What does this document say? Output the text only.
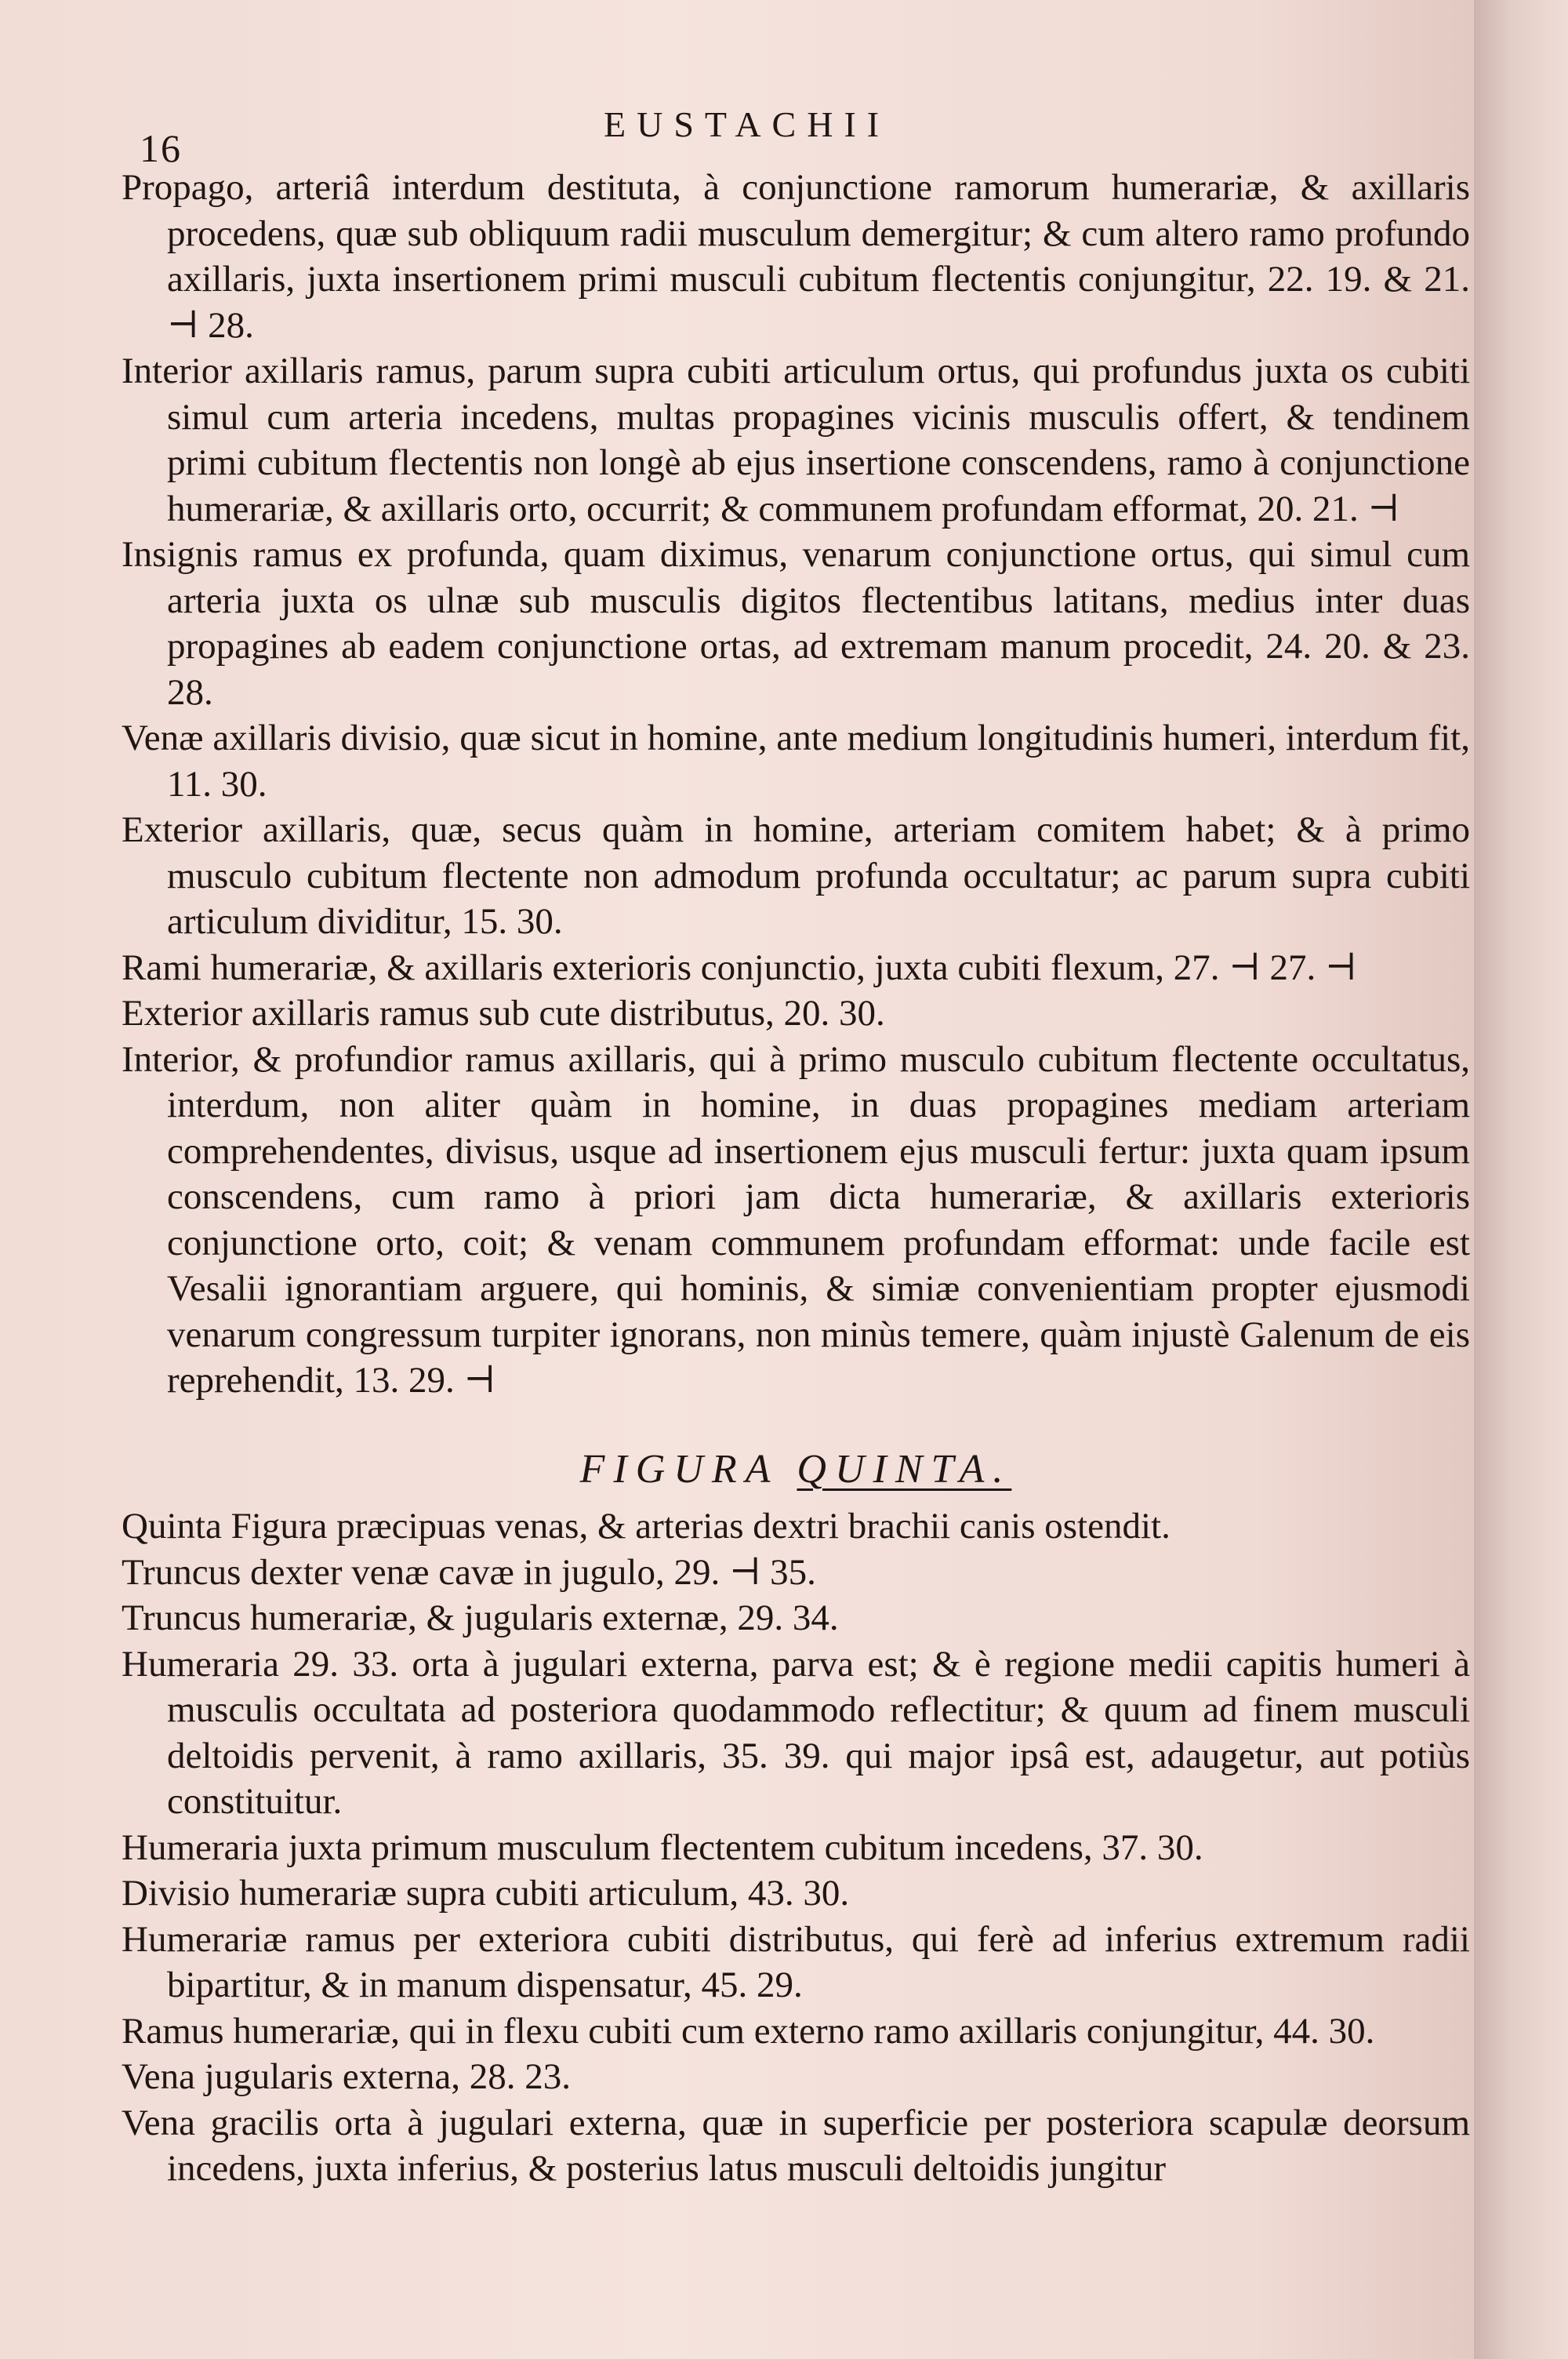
16
EUSTACHII

Propago, arteriâ interdum destituta, à conjunctione ramorum humerariæ, & axillaris procedens, quæ sub obliquum radii musculum demergitur; & cum altero ramo profundo axillaris, juxta insertionem primi musculi cubitum flectentis conjungitur, 22. 19. & 21. ⊣ 28.

Interior axillaris ramus, parum supra cubiti articulum ortus, qui profundus juxta os cubiti simul cum arteria incedens, multas propagines vicinis musculis offert, & tendinem primi cubitum flectentis non longè ab ejus insertione conscendens, ramo à conjunctione humerariæ, & axillaris orto, occurrit; & communem profundam efformat, 20. 21. ⊣

Insignis ramus ex profunda, quam diximus, venarum conjunctione ortus, qui simul cum arteria juxta os ulnæ sub musculis digitos flectentibus latitans, medius inter duas propagines ab eadem conjunctione ortas, ad extremam manum procedit, 24. 20. & 23. 28.

Venæ axillaris divisio, quæ sicut in homine, ante medium longitudinis humeri, interdum fit, 11. 30.

Exterior axillaris, quæ, secus quàm in homine, arteriam comitem habet; & à primo musculo cubitum flectente non admodum profunda occultatur; ac parum supra cubiti articulum dividitur, 15. 30.

Rami humerariæ, & axillaris exterioris conjunctio, juxta cubiti flexum, 27. ⊣ 27. ⊣

Exterior axillaris ramus sub cute distributus, 20. 30.

Interior, & profundior ramus axillaris, qui à primo musculo cubitum flectente occultatus, interdum, non aliter quàm in homine, in duas propagines mediam arteriam comprehendentes, divisus, usque ad insertionem ejus musculi fertur: juxta quam ipsum conscendens, cum ramo à priori jam dicta humerariæ, & axillaris exterioris conjunctione orto, coit; & venam communem profundam efformat: unde facile est Vesalii ignorantiam arguere, qui hominis, & simiæ convenientiam propter ejusmodi venarum congressum turpiter ignorans, non minùs temere, quàm injustè Galenum de eis reprehendit, 13. 29. ⊣

FIGURA QUINTA.

Quinta Figura præcipuas venas, & arterias dextri brachii canis ostendit.

Truncus dexter venæ cavæ in jugulo, 29. ⊣ 35.

Truncus humerariæ, & jugularis externæ, 29. 34.

Humeraria 29. 33. orta à jugulari externa, parva est; & è regione medii capitis humeri à musculis occultata ad posteriora quodammodo reflectitur; & quum ad finem musculi deltoidis pervenit, à ramo axillaris, 35. 39. qui major ipsâ est, adaugetur, aut potiùs constituitur.

Humeraria juxta primum musculum flectentem cubitum incedens, 37. 30.

Divisio humerariæ supra cubiti articulum, 43. 30.

Humerariæ ramus per exteriora cubiti distributus, qui ferè ad inferius extremum radii bipartitur, & in manum dispensatur, 45. 29.

Ramus humerariæ, qui in flexu cubiti cum externo ramo axillaris conjungitur, 44. 30.

Vena jugularis externa, 28. 23.

Vena gracilis orta à jugulari externa, quæ in superficie per posteriora scapulæ deorsum incedens, juxta inferius, & posterius latus musculi deltoidis jungitur
